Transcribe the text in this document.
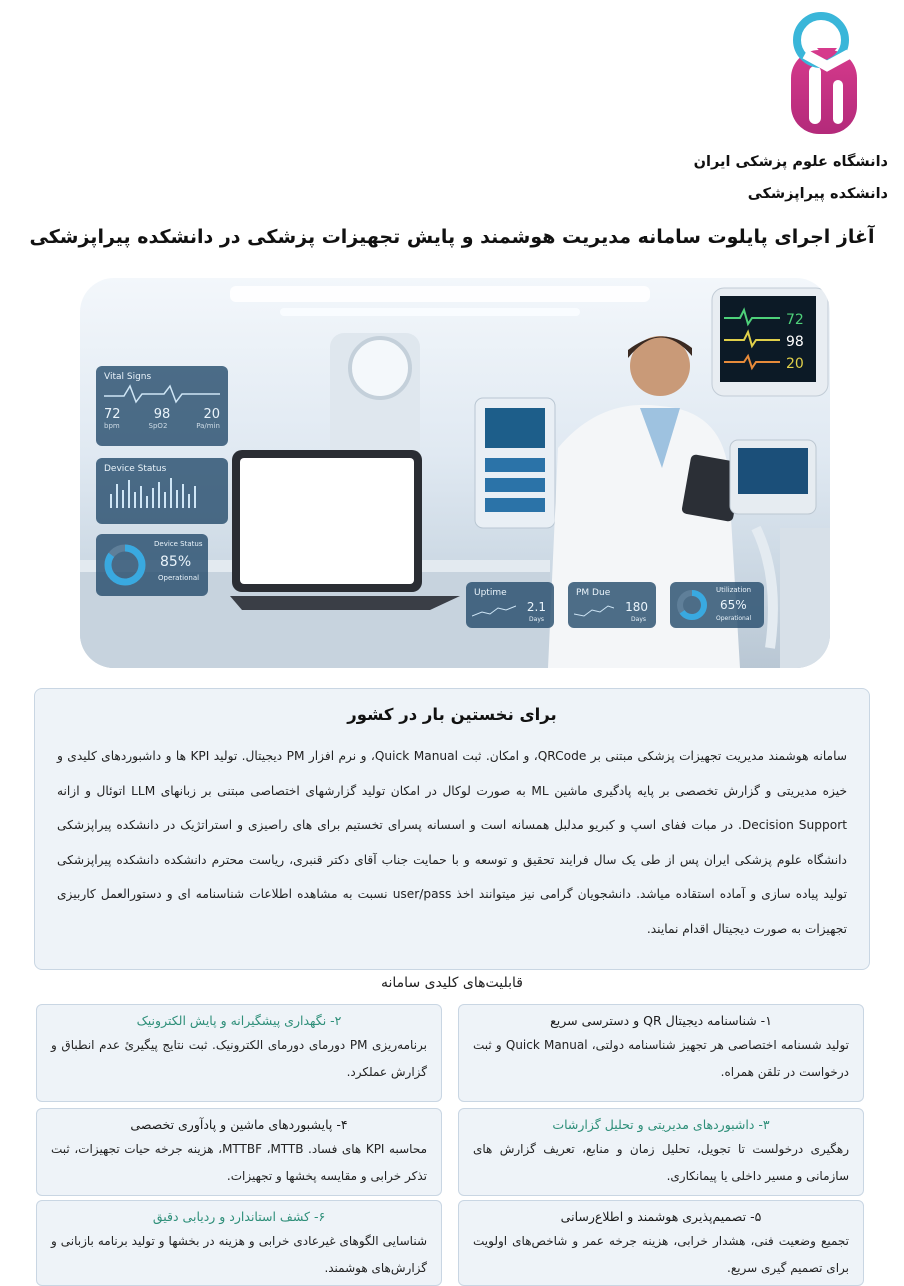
دانشگاه علوم پزشکی ایران
دانشکده پیراپزشکی
آغاز اجرای پایلوت سامانه مدیریت هوشمند و پایش تجهیزات پزشکی در دانشکده پیراپزشکی
72
98
20
Vital Signs
72	98	20
bpm	SpO2	Pa/min
Device Status
Device Status
85%
Operational
Uptime
2.1
Days
PM Due
180
Days
Utilization
65%
Operational
برای نخستین بار در کشور

سامانه هوشمند مدیریت تجهیزات پزشکی مبتنی بر QRCode، و امکان. ثبت Quick Manual، و نرم افزار PM دیجیتال. تولید KPI ها و داشبوردهای کلیدی و خیزه مدیریتی و گزارش تخصصی بر پایه پادگیری ماشین ML به صورت لوکال در امکان تولید گزارشهای اختصاصی مبتنی بر زبانهای LLM اتوئال و ازانه Decision Support. در مبات ففای اسپ و کبریو مدلبل همسانه است و اسسانه پسرای تخستیم برای های راصیزی و استراتژیک در دانشکده پیراپزشکی دانشگاه علوم پزشکی ایران پس از طی یک سال فرایند تحقیق و توسعه و با حمایت جناب آقای دکتر قنبری، ریاست محترم دانشکده دانشکده پیراپزشکی تولید پیاده سازی و آماده استقاده میاشد. دانشجویان گرامی نیز میتوانند اخذ user/pass نسبت به مشاهده اطلاعات شناسنامه ای و دستورالعمل کاربیزی تجهیزات به صورت دیجیتال اقدام نمایند.

قابلیت‌های کلیدی سامانه
۱- شناسنامه دیجیتال QR و دسترسی سریع
تولید شسنامه اختصاصی هر تجهیز شناسنامه دولتی، Quick Manual و ثبت درخواست در تلقن همراه.
۲- نگهداری پیشگیرانه و پایش الکترونیک
برنامه‌ریزی PM دورمای دورمای الکترونیک. ثبت نتایج پیگیریٔ عدم انطباق و گزارش عملکرد.
۳- داشبوردهای مدیریتی و تحلیل گزارشات
رهگیری درخولست تا تجویل، تحلیل زمان و منابع، تعریف گزارش های سازمانی و مسیر داخلی یا پیمانکاری.
۴- پایشبوردهای ماشین و پادآوری تخصصی
محاسبه KPI های فساد. MTTBF ،MTTB، هزینه جرخه حیات تجهیزات، ثبت تذکر خرابی و مقایسه پخشها و تجهیزات.
۵- تصمیم‌پذیری هوشمند و اطلاع‌رسانی
تجمیع وضعیت فنی، هشدار خرابی، هزینه جرخه عمر و شاخص‌های اولویت برای تصمیم گیری سریع.
۶- کشف استاندارد و ردیابی دقیق
شناسایی الگوهای غیرعادی خرابی و هزینه در بخشها و تولید برنامه بازبانی و گزارش‌های هوشمند.
